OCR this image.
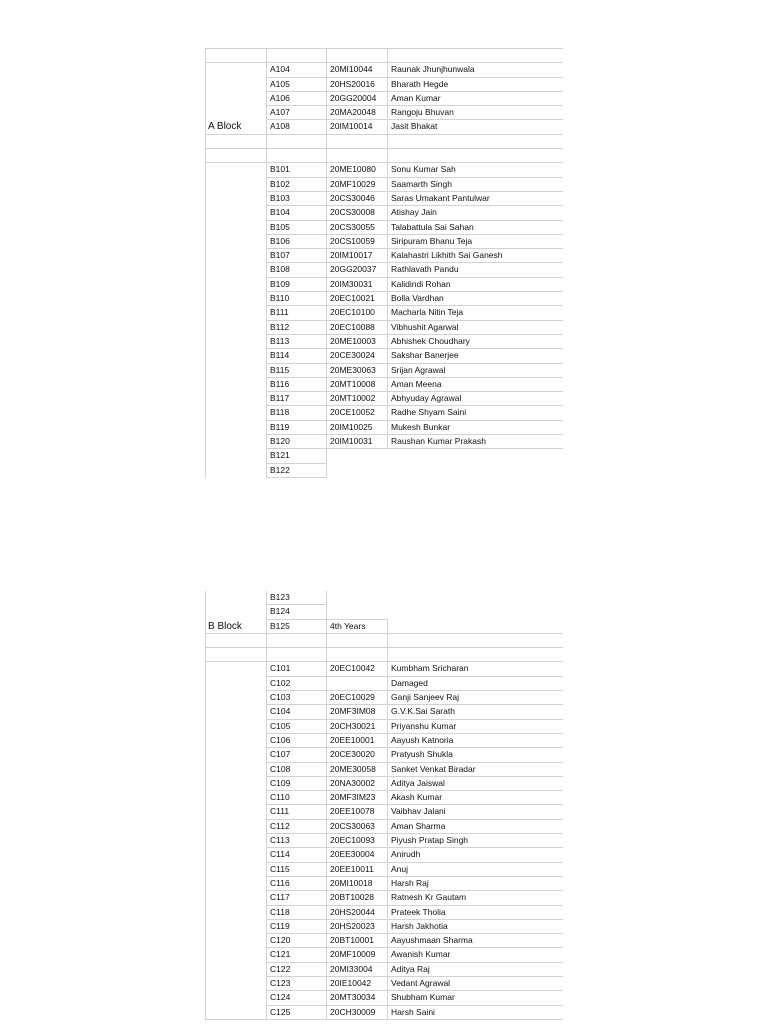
A Block	A104	20MI10044	Raunak Jhunjhunwala
	A105	20HS20016	Bharath Hegde
	A106	20GG20004	Aman Kumar
	A107	20MA20048	Rangoju Bhuvan
	A108	20IM10014	Jasit Bhakat

	B101	20ME10080	Sonu Kumar Sah
	B102	20MF10029	Saamarth Singh
	B103	20CS30046	Saras Umakant Pantulwar
	B104	20CS30008	Atishay Jain
	B105	20CS30055	Talabattula Sai Sahan
	B106	20CS10059	Siripuram Bhanu Teja
	B107	20IM10017	Kalahastri Likhith Sai Ganesh
	B108	20GG20037	Rathlavath Pandu
	B109	20IM30031	Kalidindi Rohan
	B110	20EC10021	Bolla Vardhan
	B111	20EC10100	Macharla Nitin Teja
	B112	20EC10088	Vibhushit Agarwal
	B113	20ME10003	Abhishek Choudhary
	B114	20CE30024	Sakshar Banerjee
	B115	20ME30063	Srijan Agrawal
	B116	20MT10008	Aman Meena
	B117	20MT10002	Abhyuday Agrawal
	B118	20CE10052	Radhe Shyam Saini
	B119	20IM10025	Mukesh Bunkar
	B120	20IM10031	Raushan Kumar Prakash
	B121		
	B122		
B Block	B123		
	B124		
	B125	4th Years	

	C101	20EC10042	Kumbham Sricharan
	C102		Damaged
	C103	20EC10029	Ganji Sanjeev Raj
	C104	20MF3IM08	G.V.K.Sai Sarath
	C105	20CH30021	Priyanshu Kumar
	C106	20EE10001	Aayush Katnoria
	C107	20CE30020	Pratyush Shukla
	C108	20ME30058	Sanket Venkat Biradar
	C109	20NA30002	Aditya Jaiswal
	C110	20MF3IM23	Akash Kumar
	C111	20EE10078	Vaibhav Jalani
	C112	20CS30063	Aman Sharma
	C113	20EC10093	Piyush Pratap Singh
	C114	20EE30004	Anirudh
	C115	20EE10011	Anuj
	C116	20MI10018	Harsh Raj
	C117	20BT10028	Ratnesh Kr Gautam
	C118	20HS20044	Prateek Tholia
	C119	20HS20023	Harsh Jakhotia
	C120	20BT10001	Aayushmaan Sharma
	C121	20MF10009	Awanish Kumar
	C122	20MI33004	Aditya Raj
	C123	20IE10042	Vedant Agrawal
	C124	20MT30034	Shubham Kumar
	C125	20CH30009	Harsh Saini
